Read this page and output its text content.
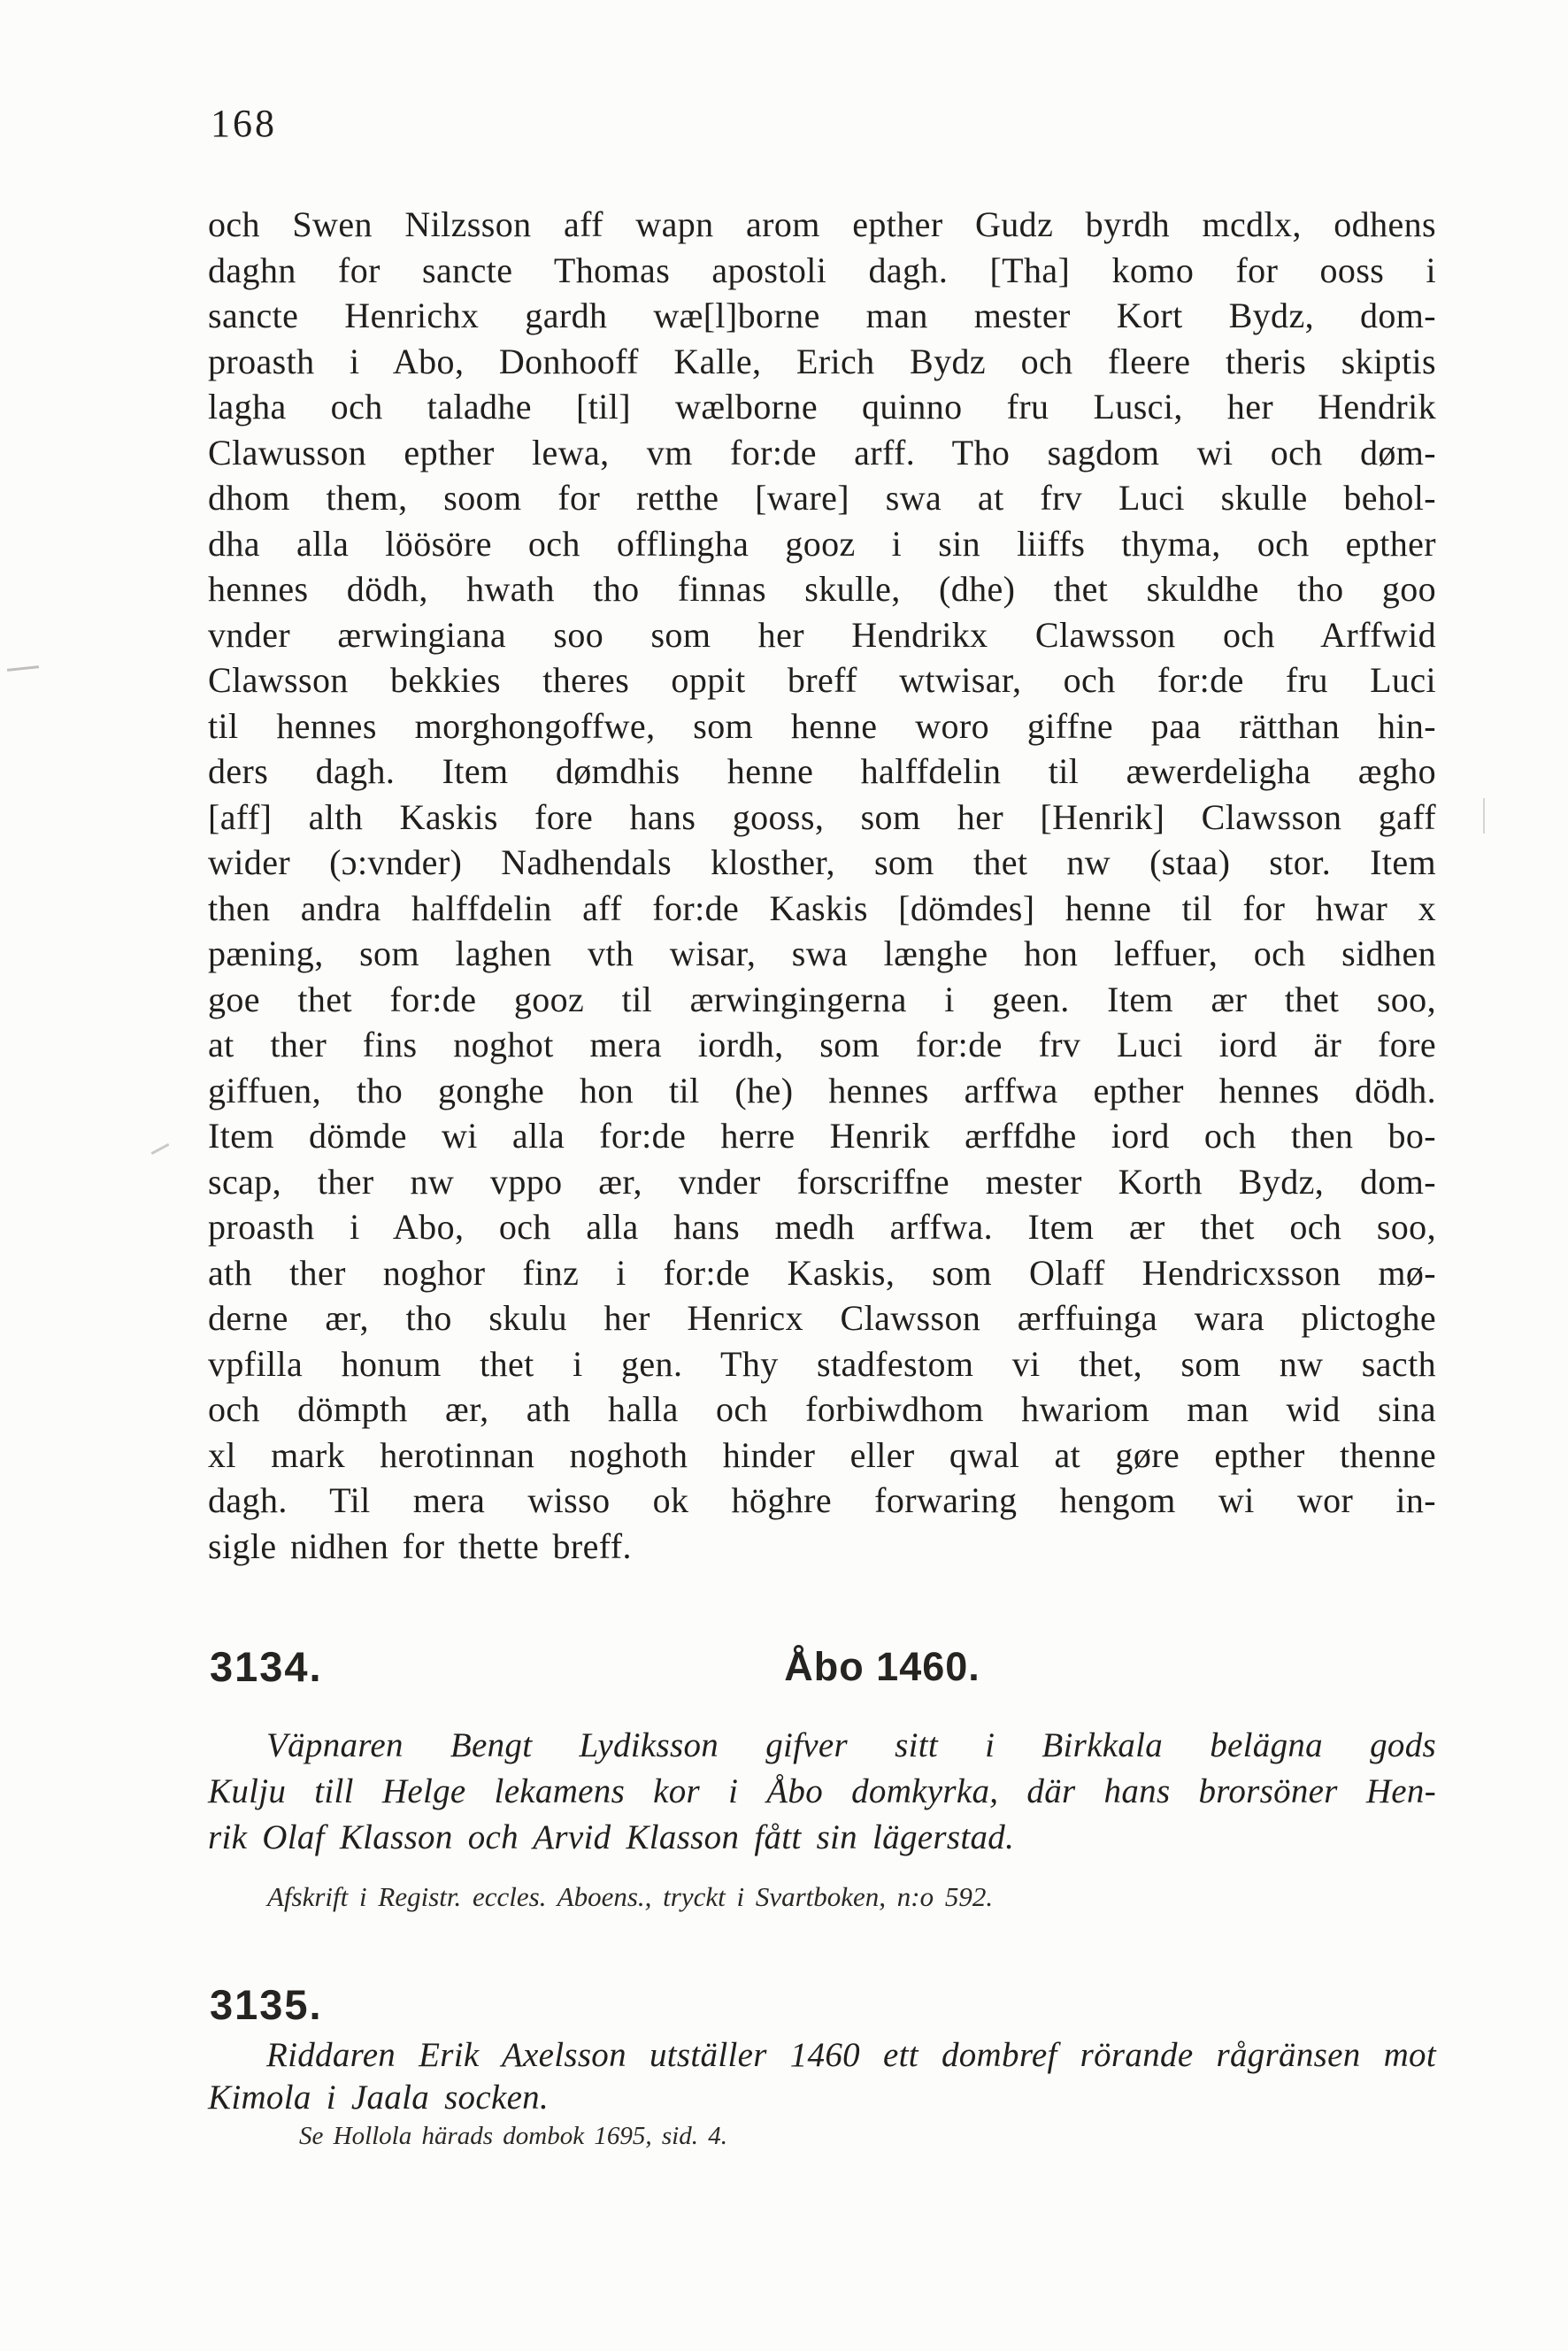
168
och Swen Nilzsson aff wapn arom epther Gudz byrdh mcdlx, odhens
daghn for sancte Thomas apostoli dagh. [Tha] komo for ooss i
sancte Henrichx gardh wæ[l]borne man mester Kort Bydz, dom-
proasth i Abo, Donhooff Kalle, Erich Bydz och fleere theris skiptis
lagha och taladhe [til] wælborne quinno fru Lusci, her Hendrik
Clawusson epther lewa, vm for:de arff. Tho sagdom wi och døm-
dhom them, soom for retthe [ware] swa at frv Luci skulle behol-
dha alla löösöre och offlingha gooz i sin liiffs thyma, och epther
hennes dödh, hwath tho finnas skulle, (dhe) thet skuldhe tho goo
vnder ærwingiana soo som her Hendrikx Clawsson och Arffwid
Clawsson bekkies theres oppit breff wtwisar, och for:de fru Luci
til hennes morghongoffwe, som henne woro giffne paa rätthan hin-
ders dagh. Item dømdhis henne halffdelin til æwerdeligha ægho
[aff] alth Kaskis fore hans gooss, som her [Henrik] Clawsson gaff
wider (ɔ:vnder) Nadhendals klosther, som thet nw (staa) stor. Item
then andra halffdelin aff for:de Kaskis [dömdes] henne til for hwar x
pæning, som laghen vth wisar, swa længhe hon leffuer, och sidhen
goe thet for:de gooz til ærwingingerna i geen. Item ær thet soo,
at ther fins noghot mera iordh, som for:de frv Luci iord är fore
giffuen, tho gonghe hon til (he) hennes arffwa epther hennes dödh.
Item dömde wi alla for:de herre Henrik ærffdhe iord och then bo-
scap, ther nw vppo ær, vnder forscriffne mester Korth Bydz, dom-
proasth i Abo, och alla hans medh arffwa. Item ær thet och soo,
ath ther noghor finz i for:de Kaskis, som Olaff Hendricxsson mø-
derne ær, tho skulu her Henricx Clawsson ærffuinga wara plictoghe
vpfilla honum thet i gen. Thy stadfestom vi thet, som nw sacth
och dömpth ær, ath halla och forbiwdhom hwariom man wid sina
xl mark herotinnan noghoth hinder eller qwal at gøre epther thenne
dagh. Til mera wisso ok höghre forwaring hengom wi wor in-
sigle nidhen for thette breff.
3134.	Åbo 1460.
Väpnaren Bengt Lydiksson gifver sitt i Birkkala belägna gods
Kulju till Helge lekamens kor i Åbo domkyrka, där hans brorsöner Hen-
rik Olaf Klasson och Arvid Klasson fått sin lägerstad.
Afskrift i Registr. eccles. Aboens., tryckt i Svartboken, n:o 592.
3135.
Riddaren Erik Axelsson utställer 1460 ett dombref rörande rågränsen mot
Kimola i Jaala socken.
Se Hollola härads dombok 1695, sid. 4.
